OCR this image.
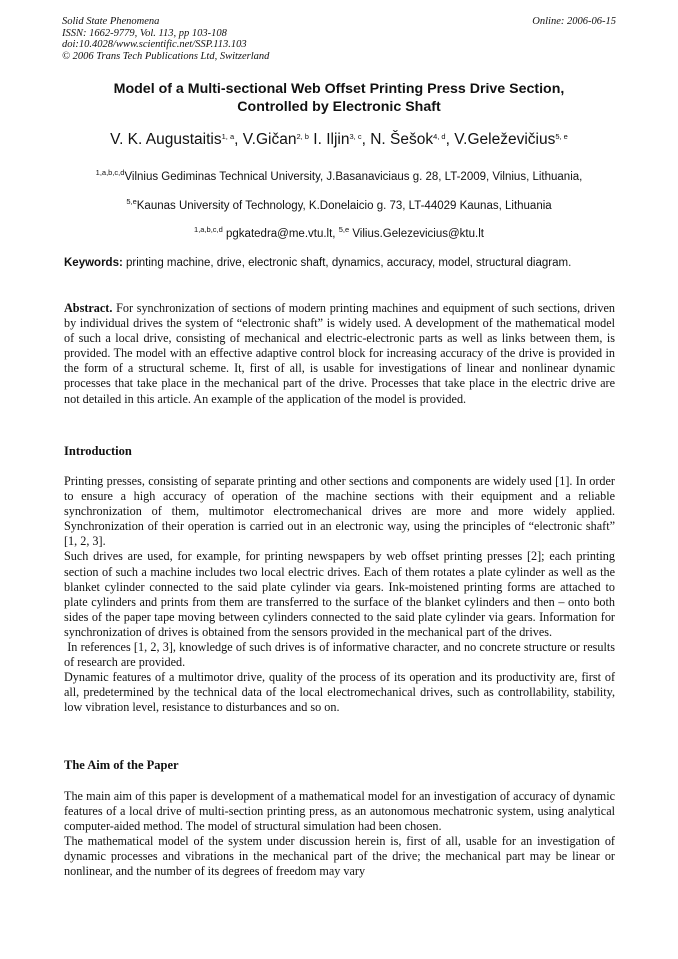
Solid State Phenomena
ISSN: 1662-9779, Vol. 113, pp 103-108
doi:10.4028/www.scientific.net/SSP.113.103
© 2006 Trans Tech Publications Ltd, Switzerland
Online: 2006-06-15
Model of a Multi-sectional Web Offset Printing Press Drive Section,
Controlled by Electronic Shaft
V. K. Augustaitis$^{1, a}$, V.Gičan$^{2, b}$ I. Iljin$^{3, c}$, N. Šešok$^{4, d}$, V.Geleževičius$^{5, e}$
$^{1,a,b,c,d}$Vilnius Gediminas Technical University, J.Basanaviciaus g. 28, LT-2009, Vilnius, Lithuania,
$^{5,e}$Kaunas University of Technology, K.Donelaicio g. 73, LT-44029 Kaunas, Lithuania
$^{1,a,b,c,d}$ pgkatedra@me.vtu.lt, $^{5,e}$ Vilius.Gelezevicius@ktu.lt
Keywords: printing machine, drive, electronic shaft, dynamics, accuracy, model, structural diagram.

Abstract. For synchronization of sections of modern printing machines and equipment of such sections, driven by individual drives the system of “electronic shaft” is widely used. A development of the mathematical model of such a local drive, consisting of mechanical and electric-electronic parts as well as links between them, is provided. The model with an effective adaptive control block for increasing accuracy of the drive is provided in the form of a structural scheme. It, first of all, is usable for investigations of linear and nonlinear dynamic processes that take place in the mechanical part of the drive. Processes that take place in the electric drive are not detailed in this article. An example of the application of the model is provided.

Introduction

Printing presses, consisting of separate printing and other sections and components are widely used [1]. In order to ensure a high accuracy of operation of the machine sections with their equipment and a reliable synchronization of them, multimotor electromechanical drives are more and more widely applied. Synchronization of their operation is carried out in an electronic way, using the principles of “electronic shaft” [1, 2, 3].

Such drives are used, for example, for printing newspapers by web offset printing presses [2]; each printing section of such a machine includes two local electric drives. Each of them rotates a plate cylinder as well as the blanket cylinder connected to the said plate cylinder via gears. Ink-moistened printing forms are attached to plate cylinders and prints from them are transferred to the surface of the blanket cylinders and then – onto both sides of the paper tape moving between cylinders connected to the said plate cylinder via gears. Information for synchronization of drives is obtained from the sensors provided in the mechanical part of the drives.

In references [1, 2, 3], knowledge of such drives is of informative character, and no concrete structure or results of research are provided.

Dynamic features of a multimotor drive, quality of the process of its operation and its productivity are, first of all, predetermined by the technical data of the local electromechanical drives, such as controllability, stability, low vibration level, resistance to disturbances and so on.

The Aim of the Paper

The main aim of this paper is development of a mathematical model for an investigation of accuracy of dynamic features of a local drive of multi-section printing press, as an autonomous mechatronic system, using analytical computer-aided method. The model of structural simulation had been chosen.

The mathematical model of the system under discussion herein is, first of all, usable for an investigation of dynamic processes and vibrations in the mechanical part of the drive; the mechanical part may be linear or nonlinear, and the number of its degrees of freedom may vary
